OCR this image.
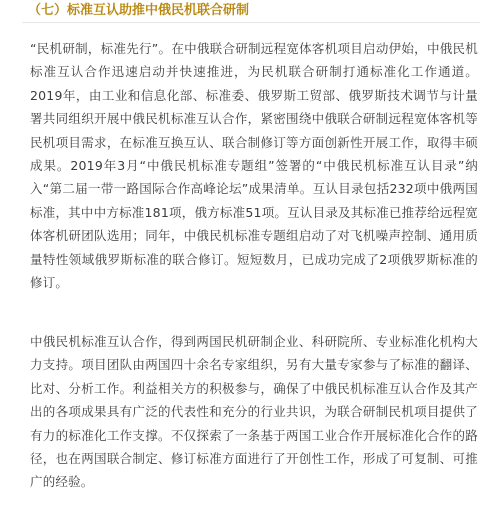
（七）标准互认助推中俄民机联合研制

“民机研制，标准先行”。在中俄联合研制远程宽体客机项目启动伊始，中俄民机标准互认合作迅速启动并快速推进，为民机联合研制打通标准化工作通道。2019年，由工业和信息化部、标准委、俄罗斯工贸部、俄罗斯技术调节与计量署共同组织开展中俄民机标准互认合作，紧密围绕中俄联合研制远程宽体客机等民机项目需求，在标准互换互认、联合制修订等方面创新性开展工作，取得丰硕成果。2019年3月“中俄民机标准专题组”签署的“中俄民机标准互认目录”纳入“第二届一带一路国际合作高峰论坛”成果清单。互认目录包括232项中俄两国标准，其中中方标准181项，俄方标准51项。互认目录及其标准已推荐给远程宽体客机研团队选用；同年，中俄民机标准专题组启动了对飞机噪声控制、通用质量特性领域俄罗斯标准的联合修订。短短数月，已成功完成了2项俄罗斯标准的修订。

中俄民机标准互认合作，得到两国民机研制企业、科研院所、专业标准化机构大力支持。项目团队由两国四十余名专家组织，另有大量专家参与了标准的翻译、比对、分析工作。利益相关方的积极参与，确保了中俄民机标准互认合作及其产出的各项成果具有广泛的代表性和充分的行业共识，为联合研制民机项目提供了有力的标准化工作支撑。不仅探索了一条基于两国工业合作开展标准化合作的路径，也在两国联合制定、修订标准方面进行了开创性工作，形成了可复制、可推广的经验。
